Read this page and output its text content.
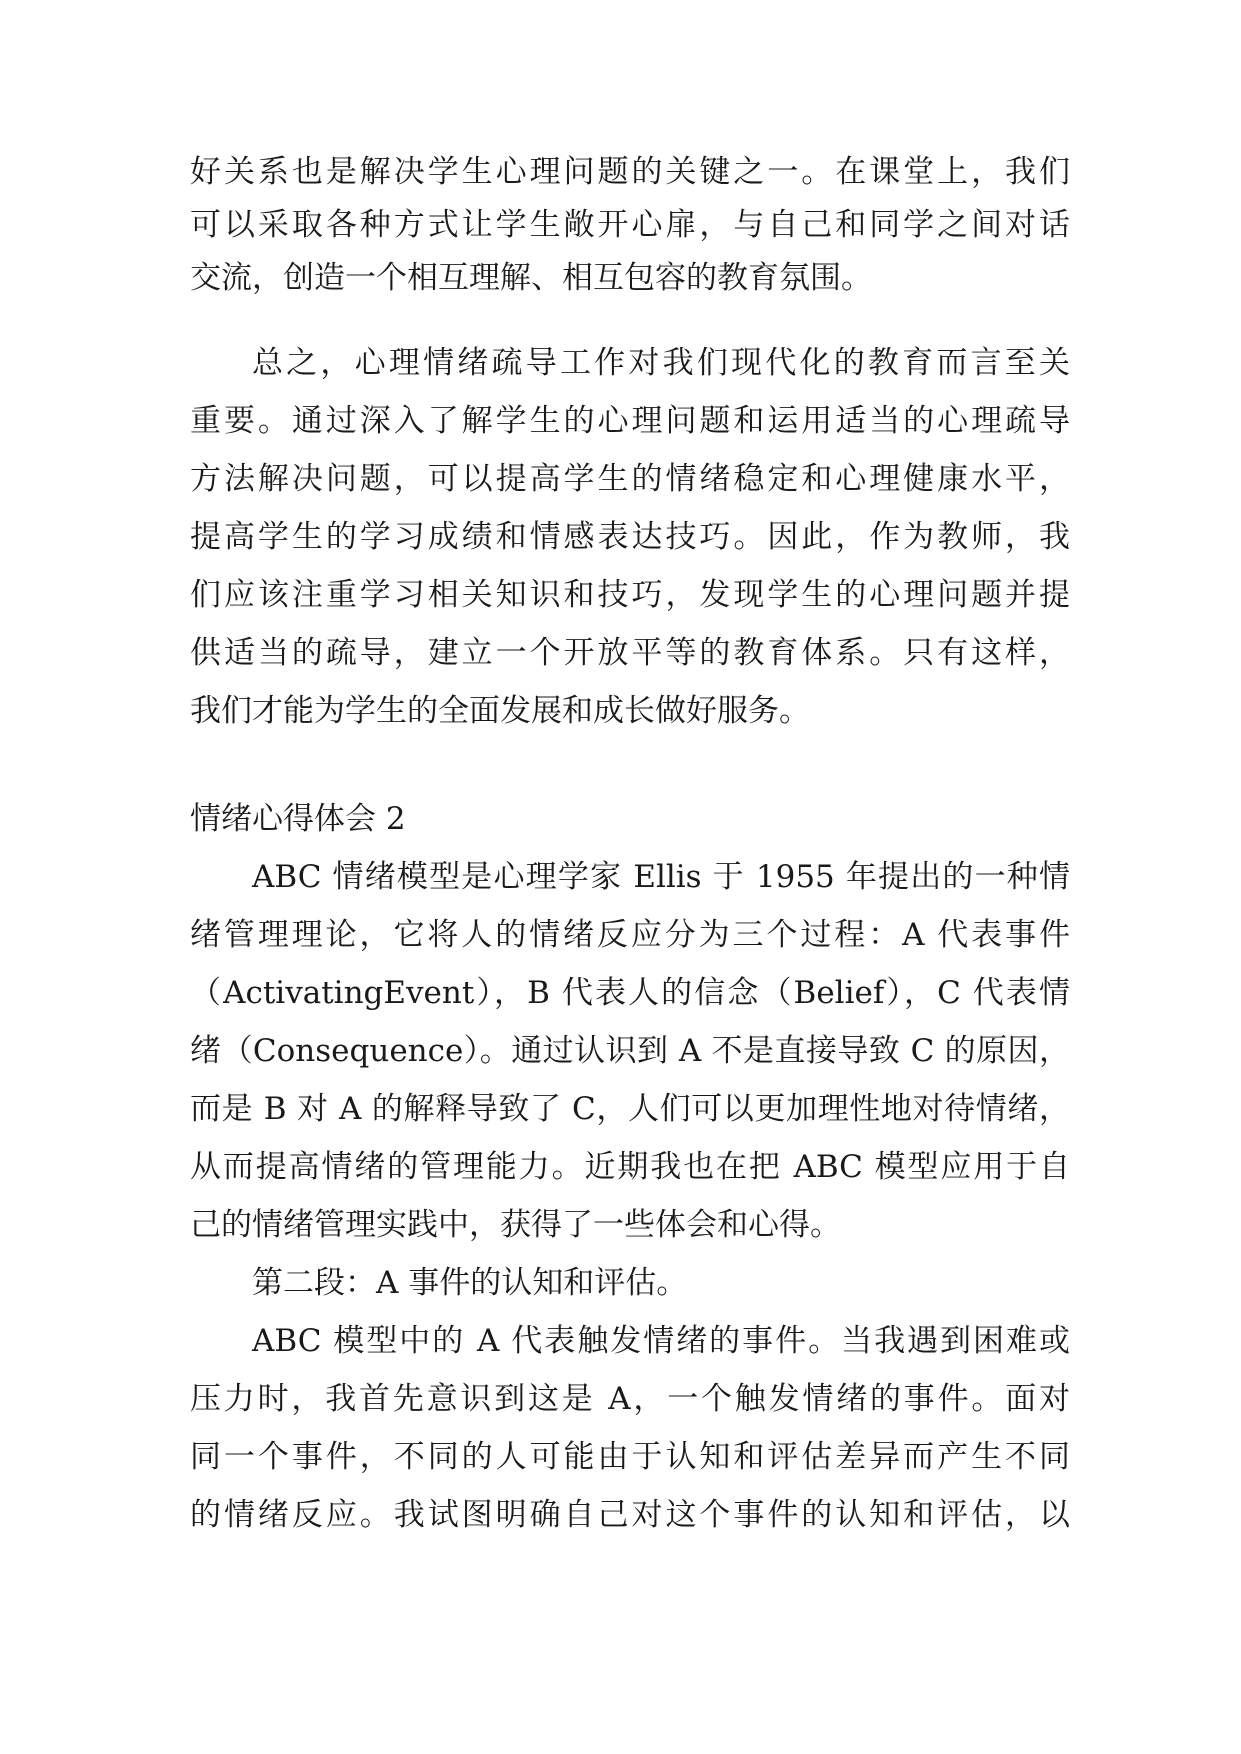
好关系也是解决学生心理问题的关键之一。在课堂上，我们
可以采取各种方式让学生敞开心扉，与自己和同学之间对话
交流，创造一个相互理解、相互包容的教育氛围。
总之，心理情绪疏导工作对我们现代化的教育而言至关
重要。通过深入了解学生的心理问题和运用适当的心理疏导
方法解决问题，可以提高学生的情绪稳定和心理健康水平，
提高学生的学习成绩和情感表达技巧。因此，作为教师，我
们应该注重学习相关知识和技巧，发现学生的心理问题并提
供适当的疏导，建立一个开放平等的教育体系。只有这样，
我们才能为学生的全面发展和成长做好服务。
情绪心得体会 2
ABC 情绪模型是心理学家 Ellis 于 1955 年提出的一种情
绪管理理论，它将人的情绪反应分为三个过程：A 代表事件
（ActivatingEvent），B 代表人的信念（Belief），C 代表情
绪（Consequence）。通过认识到 A 不是直接导致 C 的原因，
而是 B 对 A 的解释导致了 C，人们可以更加理性地对待情绪，
从而提高情绪的管理能力。近期我也在把 ABC 模型应用于自
己的情绪管理实践中，获得了一些体会和心得。
第二段：A 事件的认知和评估。
ABC 模型中的 A 代表触发情绪的事件。当我遇到困难或
压力时，我首先意识到这是 A，一个触发情绪的事件。面对
同一个事件，不同的人可能由于认知和评估差异而产生不同
的情绪反应。我试图明确自己对这个事件的认知和评估，以
